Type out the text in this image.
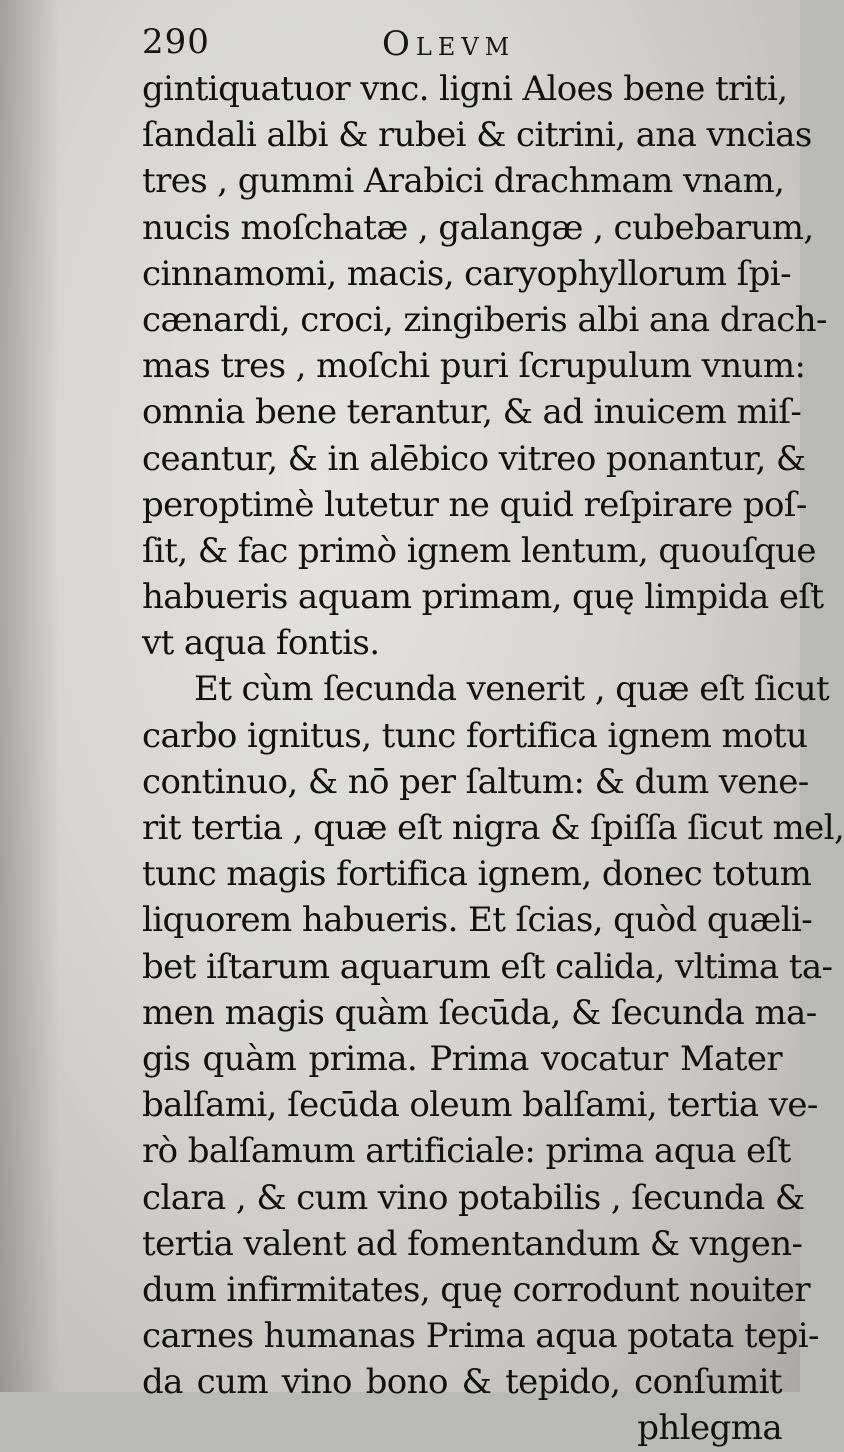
290	Olevm
gintiquatuor vnc. ligni Aloes bene triti,
ſandali albi & rubei & citrini, ana vncias
tres , gummi Arabici drachmam vnam,
nucis moſchatæ , galangæ , cubebarum,
cinnamomi, macis, caryophyllorum ſpi-
cænardi, croci, zingiberis albi ana drach-
mas tres , moſchi puri ſcrupulum vnum:
omnia bene terantur, & ad inuicem miſ-
ceantur, & in alēbico vitreo ponantur, &
peroptimè lutetur ne quid reſpirare poſ-
ſit, & fac primò ignem lentum, quouſque
habueris aquam primam, quę limpida eſt
vt aqua fontis.
Et cùm ſecunda venerit , quæ eſt ſicut
carbo ignitus, tunc fortifica ignem motu
continuo, & nō per ſaltum: & dum vene-
rit tertia , quæ eſt nigra & ſpiſſa ſicut mel,
tunc magis fortifica ignem, donec totum
liquorem habueris. Et ſcias, quòd quæli-
bet iſtarum aquarum eſt calida, vltima ta-
men magis quàm ſecūda, & ſecunda ma-
gis quàm prima. Prima vocatur Mater
balſami, ſecūda oleum balſami, tertia ve-
rò balſamum artificiale: prima aqua eſt
clara , & cum vino potabilis , ſecunda &
tertia valent ad fomentandum & vngen-
dum infirmitates, quę corrodunt nouiter
carnes humanas Prima aqua potata tepi-
da cum vino bono & tepido, conſumit
phlegma
